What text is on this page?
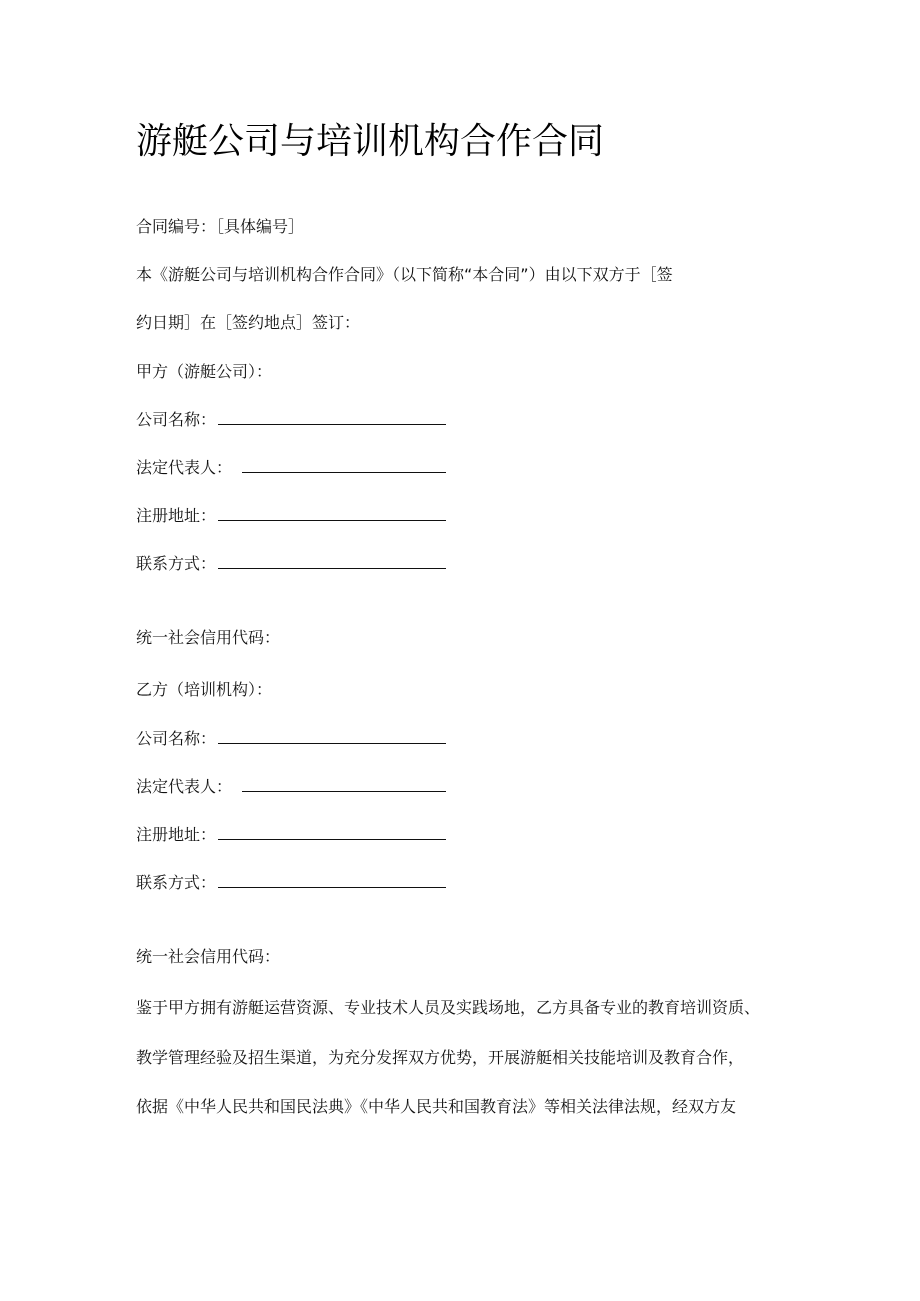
游艇公司与培训机构合作合同
合同编号：［具体编号］
本《游艇公司与培训机构合作合同》（以下简称“本合同”）由以下双方于［签
约日期］在［签约地点］签订：
甲方（游艇公司）：
公司名称：
法定代表人：
注册地址：
联系方式：
统一社会信用代码：
乙方（培训机构）：
公司名称：
法定代表人：
注册地址：
联系方式：
统一社会信用代码：
鉴于甲方拥有游艇运营资源、专业技术人员及实践场地，乙方具备专业的教育培训资质、
教学管理经验及招生渠道，为充分发挥双方优势，开展游艇相关技能培训及教育合作，
依据《中华人民共和国民法典》《中华人民共和国教育法》等相关法律法规，经双方友
